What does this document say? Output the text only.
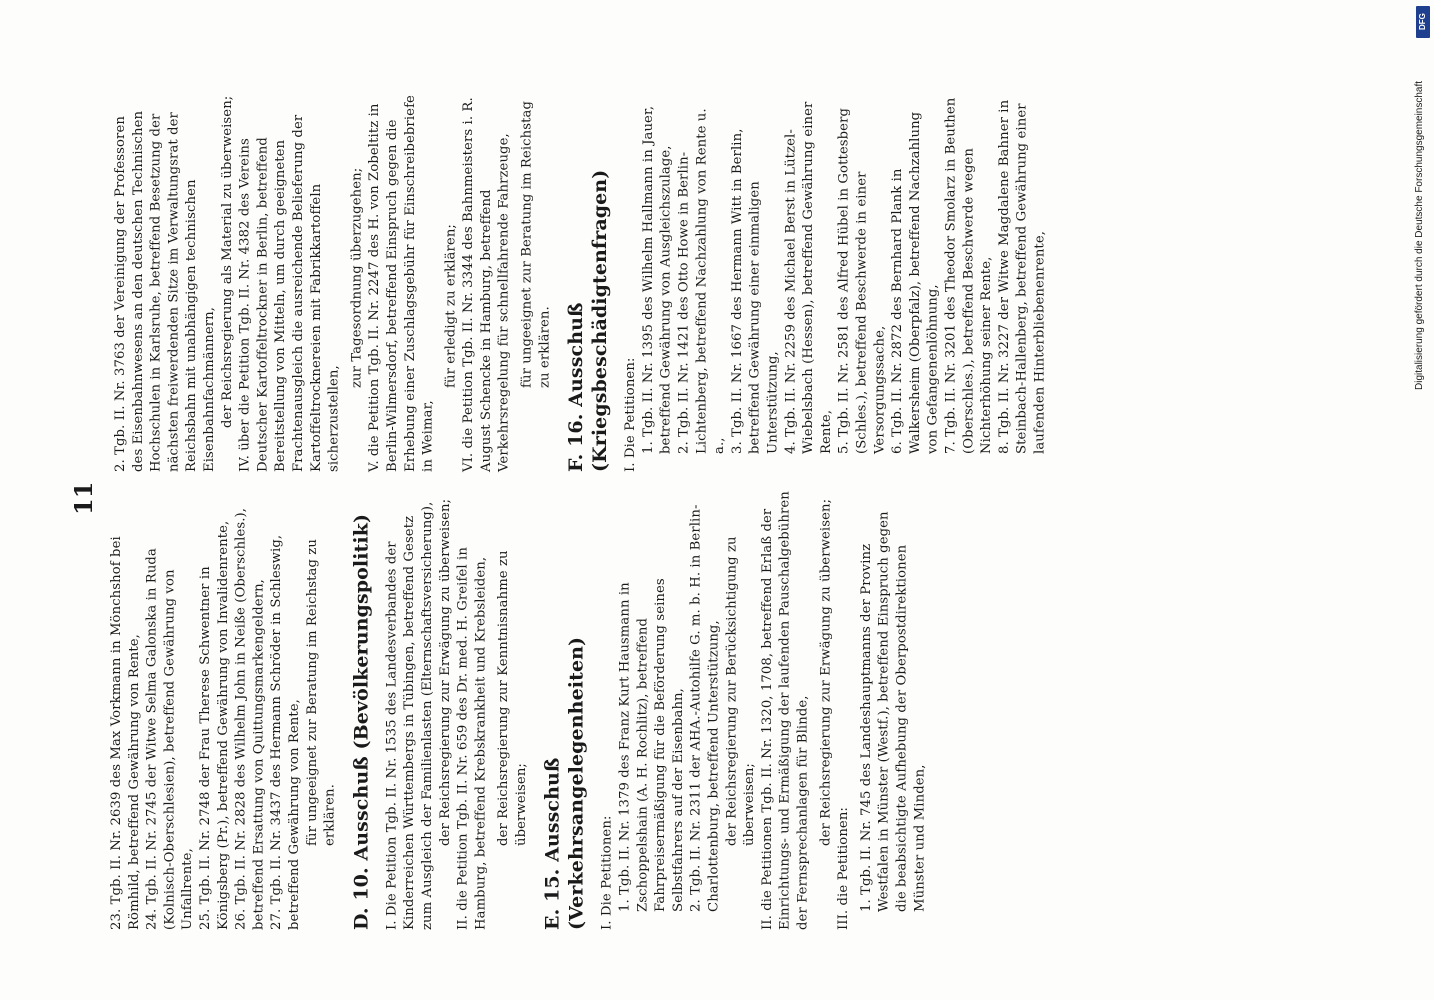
11

23. Tgb. II. Nr. 2639 des Max Vorkmann in Mönchshof bei Römhild, betreffend Gewährung von Rente, 24. Tgb. II. Nr. 2745 der Witwe Selma Galonska in Ruda (Kolnisch-Oberschlesien), betreffend Gewährung von Unfallrente, 25. Tgb. II. Nr. 2748 der Frau Therese Schwentner in Königsberg (Pr.), betreffend Gewährung von Invalidenrente, 26. Tgb. II. Nr. 2828 des Wilhelm John in Neiße (Oberschles.), betreffend Ersattung von Quittungsmarkengeldern, 27. Tgb. II. Nr. 3437 des Hermann Schröder in Schleswig, betreffend Gewährung von Rente, für ungeeignet zur Beratung im Reichstag zu erklären. D. 10. Ausschuß (Bevölkerungspolitik) I. Die Petition Tgb. II. Nr. 1535 des Landesverbandes der Kinderreichen Württembergs in Tübingen, betreffend Gesetz zum Ausgleich der Familienlasten (Elternschaftsversicherung), der Reichsregierung zur Erwägung zu überweisen; II. die Petition Tgb. II. Nr. 659 des Dr. med. H. Greifel in Hamburg, betreffend Krebskrankheit und Krebsleiden, der Reichsregierung zur Kenntnisnahme zu überweisen; E. 15. Ausschuß (Verkehrsangelegenheiten) I. Die Petitionen: 1. Tgb. II. Nr. 1379 des Franz Kurt Hausmann in Zschoppelshain (A. H. Rochlitz), betreffend Fahrpreisermäßigung für die Beförderung seines Selbstfahrers auf der Eisenbahn, 2. Tgb. II. Nr. 2311 der AHA.-Autohilfe G. m. b. H. in Berlin-Charlottenburg, betreffend Unterstützung, der Reichsregierung zur Berücksichtigung zu überweisen; II. die Petitionen Tgb. II. Nr. 1320, 1708, betreffend Erlaß der Einrichtungs- und Ermäßigung der laufenden Pauschalgebühren der Fernsprechanlagen für Blinde, der Reichsregierung zur Erwägung zu überweisen;

III. die Petitionen: 1. Tgb. II. Nr. 745 des Landeshauptmanns der Provinz Westfalen in Münster (Westf.), betreffend Einspruch gegen die beabsichtigte Aufhebung der Oberpostdirektionen Münster und Minden,

2. Tgb. II. Nr. 3763 der Vereinigung der Professoren des Eisenbahnwesens an den deutschen Technischen Hochschulen in Karlsruhe, betreffend Besetzung der nächsten freiwerdenden Sitze im Verwaltungsrat der Reichsbahn mit unabhängigen technischen Eisenbahnfachmännern, der Reichsregierung als Material zu überweisen; IV. über die Petition Tgb. II. Nr. 4382 des Vereins Deutscher Kartoffeltrockner in Berlin, betreffend Bereitstellung von Mitteln, um durch geeigneten Frachtenausgleich die ausreichende Belieferung der Kartoffeltrocknereien mit Fabrikkartoffeln sicherzustellen,

zur Tagesordnung überzugehen; V. die Petition Tgb. II. Nr. 2247 des H. von Zobeltitz in Berlin-Wilmersdorf, betreffend Einspruch gegen die Erhebung einer Zuschlagsgebühr für Einschreibebriefe in Weimar,

für erledigt zu erklären; VI. die Petition Tgb. II. Nr. 3344 des Bahnmeisters i. R. August Schencke in Hamburg, betreffend Verkehrsregelung für schnellfahrende Fahrzeuge, für ungeeignet zur Beratung im Reichstag zu erklären. F. 16. Ausschuß (Kriegsbeschädigtenfragen) I. Die Petitionen: 1. Tgb. II. Nr. 1395 des Wilhelm Hallmann in Jauer, betreffend Gewährung von Ausgleichszulage, 2. Tgb. II. Nr. 1421 des Otto Howe in Berlin-Lichtenberg, betreffend Nachzahlung von Rente u. a., 3. Tgb. II. Nr. 1667 des Hermann Witt in Berlin, betreffend Gewährung einer einmaligen Unterstützung, 4. Tgb. II. Nr. 2259 des Michael Berst in Lützel-Wiebelsbach (Hessen), betreffend Gewährung einer Rente, 5. Tgb. II. Nr. 2581 des Alfred Hübel in Gottesberg (Schles.), betreffend Beschwerde in einer Versorgungssache, 6. Tgb. II. Nr. 2872 des Bernhard Plank in Walkersheim (Oberpfalz), betreffend Nachzahlung von Gefangenenlöhnung, 7. Tgb. II. Nr. 3201 des Theodor Smolarz in Beuthen (Oberschles.), betreffend Beschwerde wegen Nichterhöhung seiner Rente, 8. Tgb. II. Nr. 3227 der Witwe Magdalene Bahner in Steinbach-Hallenberg, betreffend Gewährung einer laufenden Hinterbliebenenrente,	Digitalisierung gefördert durch die Deutsche Forschungsgemeinschaft
DFG
